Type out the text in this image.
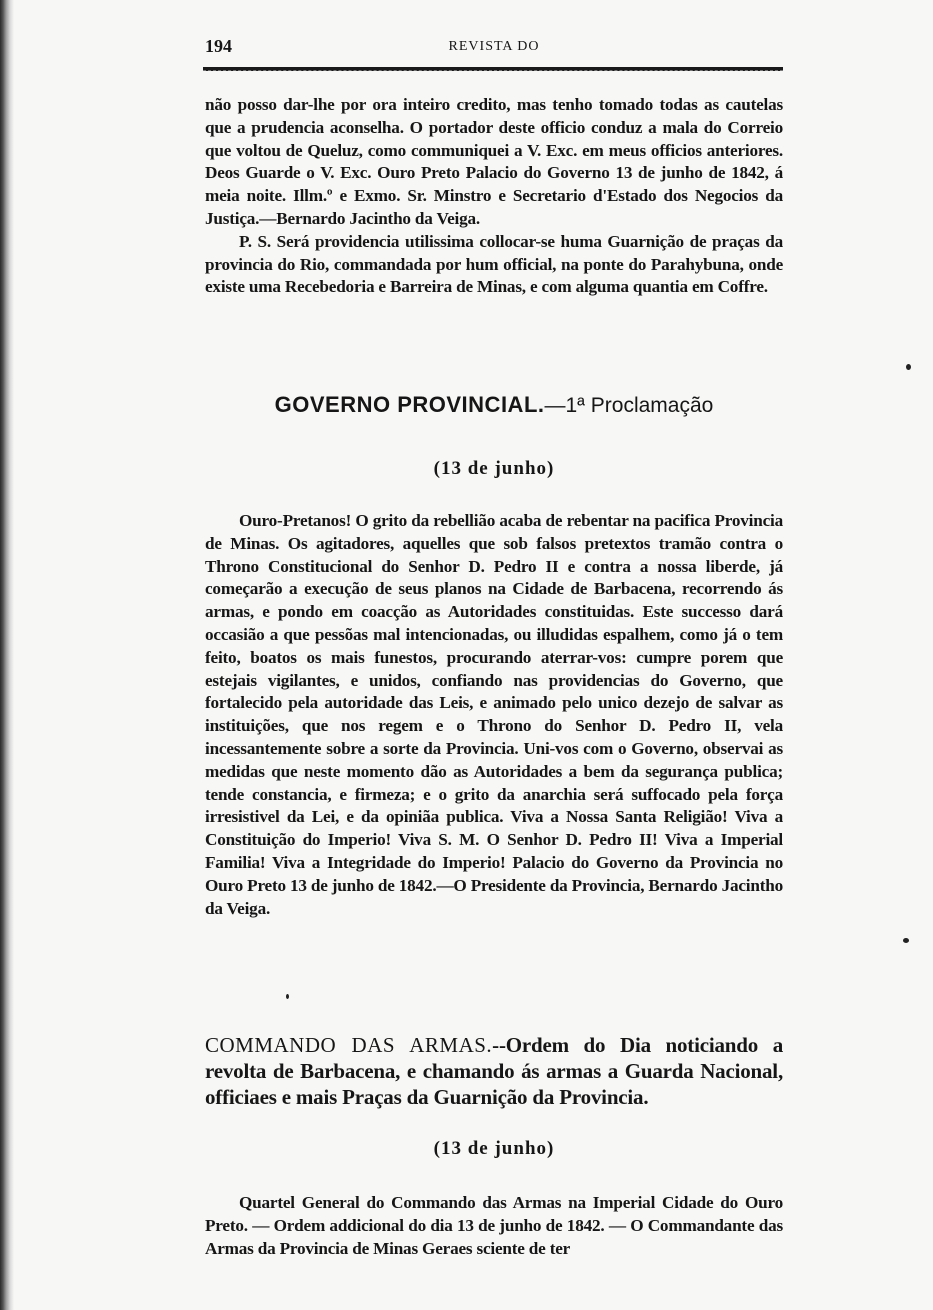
194	REVISTA DO

não posso dar-lhe por ora inteiro credito, mas tenho tomado todas as cautelas que a prudencia aconselha. O portador deste officio conduz a mala do Correio que voltou de Queluz, como communiquei a V. Exc. em meus officios anteriores. Deos Guarde o V. Exc. Ouro Preto Palacio do Governo 13 de junho de 1842, á meia noite. Illm.º e Exmo. Sr. Minstro e Secretario d'Estado dos Negocios da Justiça.—Bernardo Jacintho da Veiga.

P. S. Será providencia utilissima collocar-se huma Guarnição de praças da provincia do Rio, commandada por hum official, na ponte do Parahybuna, onde existe uma Recebedoria e Barreira de Minas, e com alguma quantia em Coffre.

GOVERNO PROVINCIAL.—1ª Proclamação
(13 de junho)

Ouro-Pretanos! O grito da rebellião acaba de rebentar na pacifica Provincia de Minas. Os agitadores, aquelles que sob falsos pretextos tramão contra o Throno Constitucional do Senhor D. Pedro II e contra a nossa liberde, já começarão a execução de seus planos na Cidade de Barbacena, recorrendo ás armas, e pondo em coacção as Autoridades constituidas. Este successo dará occasião a que pessõas mal intencionadas, ou illudidas espalhem, como já o tem feito, boatos os mais funestos, procurando aterrar-vos: cumpre porem que estejais vigilantes, e unidos, confiando nas providencias do Governo, que fortalecido pela autoridade das Leis, e animado pelo unico dezejo de salvar as instituições, que nos regem e o Throno do Senhor D. Pedro II, vela incessantemente sobre a sorte da Provincia. Uni-vos com o Governo, observai as medidas que neste momento dão as Autoridades a bem da segurança publica; tende constancia, e firmeza; e o grito da anarchia será suffocado pela força irresistivel da Lei, e da opiniãa publica. Viva a Nossa Santa Religião! Viva a Constituição do Imperio! Viva S. M. O Senhor D. Pedro II! Viva a Imperial Familia! Viva a Integridade do Imperio! Palacio do Governo da Provincia no Ouro Preto 13 de junho de 1842.—O Presidente da Provincia, Bernardo Jacintho da Veiga.

COMMANDO DAS ARMAS.--Ordem do Dia noticiando a revolta de Barbacena, e chamando ás armas a Guarda Nacional, officiaes e mais Praças da Guarnição da Provincia.
(13 de junho)

Quartel General do Commando das Armas na Imperial Cidade do Ouro Preto. — Ordem addicional do dia 13 de junho de 1842. — O Commandante das Armas da Provincia de Minas Geraes sciente de ter
